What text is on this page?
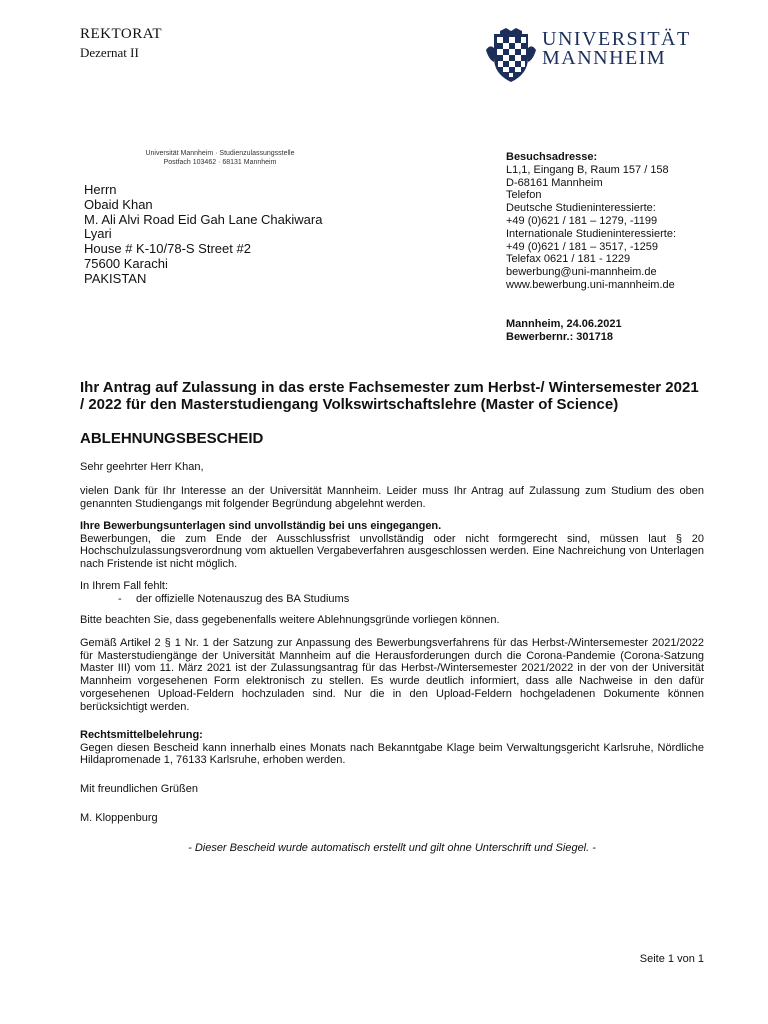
REKTORAT
Dezernat II
UNIVERSITÄT
MANNHEIM
Universität Mannheim · Studienzulassungsstelle
Postfach 103462 · 68131 Mannheim
Herrn
Obaid Khan
M. Ali Alvi Road Eid Gah Lane Chakiwara
Lyari
House # K-10/78-S Street #2
75600 Karachi
PAKISTAN
Besuchsadresse:
L1,1, Eingang B, Raum 157 / 158
D-68161 Mannheim
Telefon
Deutsche Studieninteressierte:
+49 (0)621 / 181 – 1279, -1199
Internationale Studieninteressierte:
+49 (0)621 / 181 – 3517, -1259
Telefax 0621 / 181 - 1229
bewerbung@uni-mannheim.de
www.bewerbung.uni-mannheim.de
Mannheim, 24.06.2021
Bewerbernr.: 301718
Ihr Antrag auf Zulassung in das erste Fachsemester zum Herbst-/ Wintersemester 2021 / 2022 für den Masterstudiengang Volkswirtschaftslehre (Master of Science)
ABLEHNUNGSBESCHEID
Sehr geehrter Herr Khan,
vielen Dank für Ihr Interesse an der Universität Mannheim. Leider muss Ihr Antrag auf Zulassung zum Studium des oben genannten Studiengangs mit folgender Begründung abgelehnt werden.
Ihre Bewerbungsunterlagen sind unvollständig bei uns eingegangen.
Bewerbungen, die zum Ende der Ausschlussfrist unvollständig oder nicht formgerecht sind, müssen laut § 20 Hochschulzulassungsverordnung vom aktuellen Vergabeverfahren ausgeschlossen werden. Eine Nachreichung von Unterlagen nach Fristende ist nicht möglich.
In Ihrem Fall fehlt:
- der offizielle Notenauszug des BA Studiums
Bitte beachten Sie, dass gegebenenfalls weitere Ablehnungsgründe vorliegen können.
Gemäß Artikel 2 § 1 Nr. 1 der Satzung zur Anpassung des Bewerbungsverfahrens für das Herbst-/Wintersemester 2021/2022 für Masterstudiengänge der Universität Mannheim auf die Herausforderungen durch die Corona-Pandemie (Corona-Satzung Master III) vom 11. März 2021 ist der Zulassungsantrag für das Herbst-/Wintersemester 2021/2022 in der von der Universität Mannheim vorgesehenen Form elektronisch zu stellen. Es wurde deutlich informiert, dass alle Nachweise in den dafür vorgesehenen Upload-Feldern hochzuladen sind. Nur die in den Upload-Feldern hochgeladenen Dokumente können berücksichtigt werden.
Rechtsmittelbelehrung:
Gegen diesen Bescheid kann innerhalb eines Monats nach Bekanntgabe Klage beim Verwaltungsgericht Karlsruhe, Nördliche Hildapromenade 1, 76133 Karlsruhe, erhoben werden.
Mit freundlichen Grüßen
M. Kloppenburg
- Dieser Bescheid wurde automatisch erstellt und gilt ohne Unterschrift und Siegel. -
Seite 1 von 1
